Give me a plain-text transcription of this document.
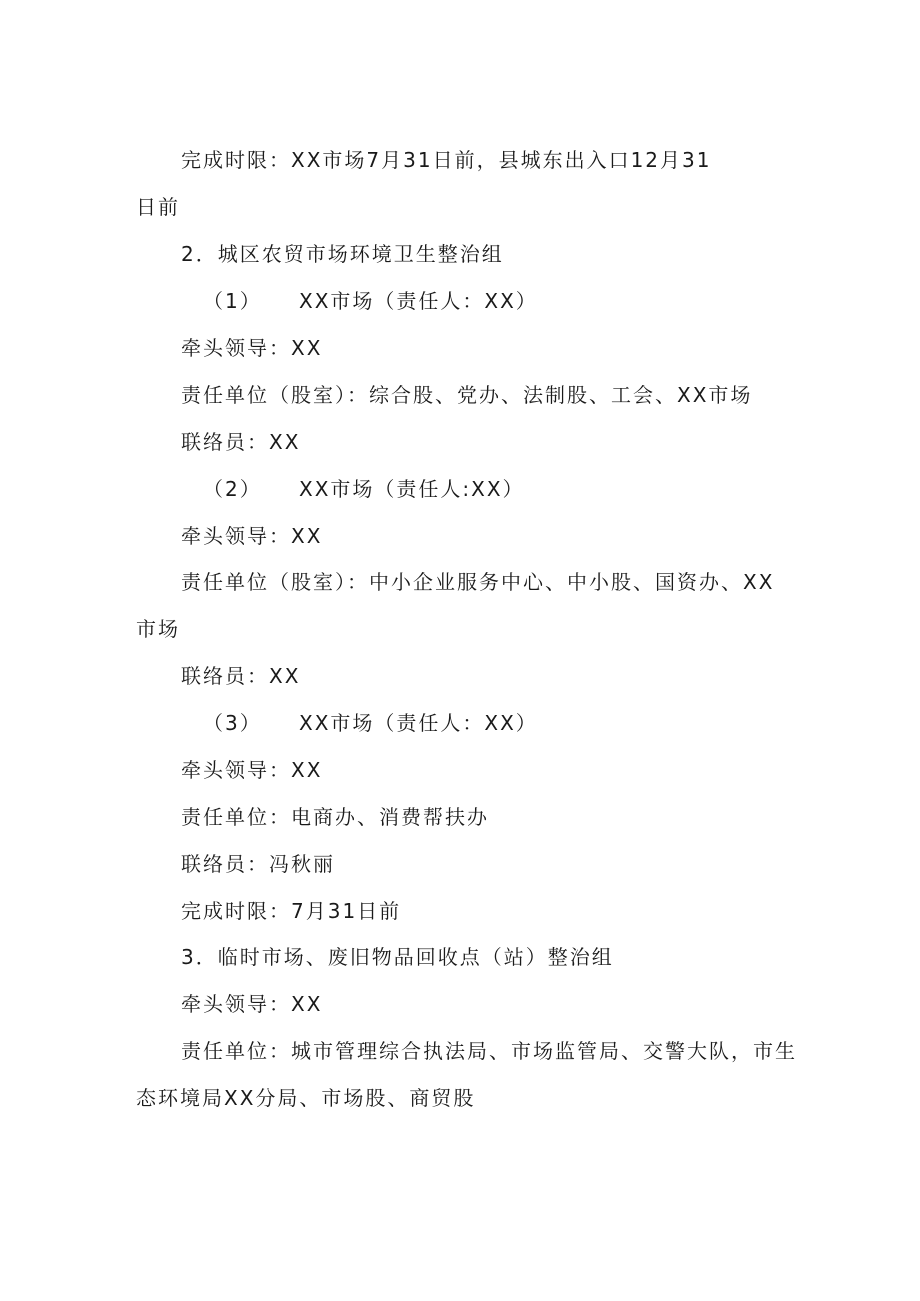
完成时限：XX市场7月31日前，县城东出入口12月31
日前
2．城区农贸市场环境卫生整治组
（1） XX市场（责任人：XX）
牵头领导：XX
责任单位（股室）：综合股、党办、法制股、工会、XX市场
联络员：XX
（2） XX市场（责任人:XX）
牵头领导：XX
责任单位（股室）：中小企业服务中心、中小股、国资办、XX
市场
联络员：XX
（3） XX市场（责任人：XX）
牵头领导：XX
责任单位：电商办、消费帮扶办
联络员：冯秋丽
完成时限：7月31日前
3．临时市场、废旧物品回收点（站）整治组
牵头领导：XX
责任单位：城市管理综合执法局、市场监管局、交警大队，市生
态环境局XX分局、市场股、商贸股
